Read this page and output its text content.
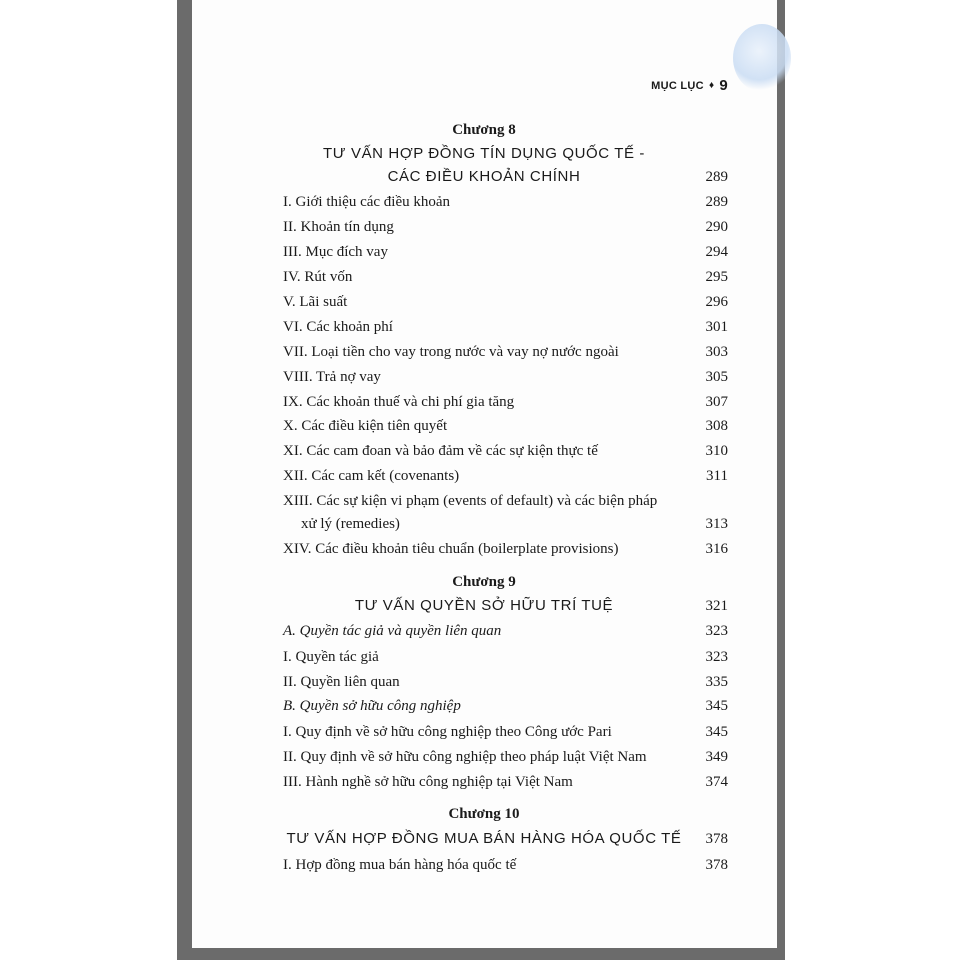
MỤC LỤC ♦ 9
Chương 8
TƯ VẤN HỢP ĐỒNG TÍN DỤNG QUỐC TẾ -
CÁC ĐIỀU KHOẢN CHÍNH	289
I. Giới thiệu các điều khoản	289
II. Khoản tín dụng	290
III. Mục đích vay	294
IV. Rút vốn	295
V. Lãi suất	296
VI. Các khoản phí	301
VII. Loại tiền cho vay trong nước và vay nợ nước ngoài	303
VIII. Trả nợ vay	305
IX. Các khoản thuế và chi phí gia tăng	307
X. Các điều kiện tiên quyết	308
XI. Các cam đoan và bảo đảm về các sự kiện thực tế	310
XII. Các cam kết (covenants)	311
XIII. Các sự kiện vi phạm (events of default) và các biện pháp
xử lý (remedies)	313
XIV. Các điều khoản tiêu chuẩn (boilerplate provisions)	316
Chương 9
TƯ VẤN QUYỀN SỞ HỮU TRÍ TUỆ	321
A. Quyền tác giả và quyền liên quan	323
I. Quyền tác giả	323
II. Quyền liên quan	335
B. Quyền sở hữu công nghiệp	345
I. Quy định về sở hữu công nghiệp theo Công ước Pari	345
II. Quy định về sở hữu công nghiệp theo pháp luật Việt Nam	349
III. Hành nghề sở hữu công nghiệp tại Việt Nam	374
Chương 10
TƯ VẤN HỢP ĐỒNG MUA BÁN HÀNG HÓA QUỐC TẾ 378
I. Hợp đồng mua bán hàng hóa quốc tế	378
